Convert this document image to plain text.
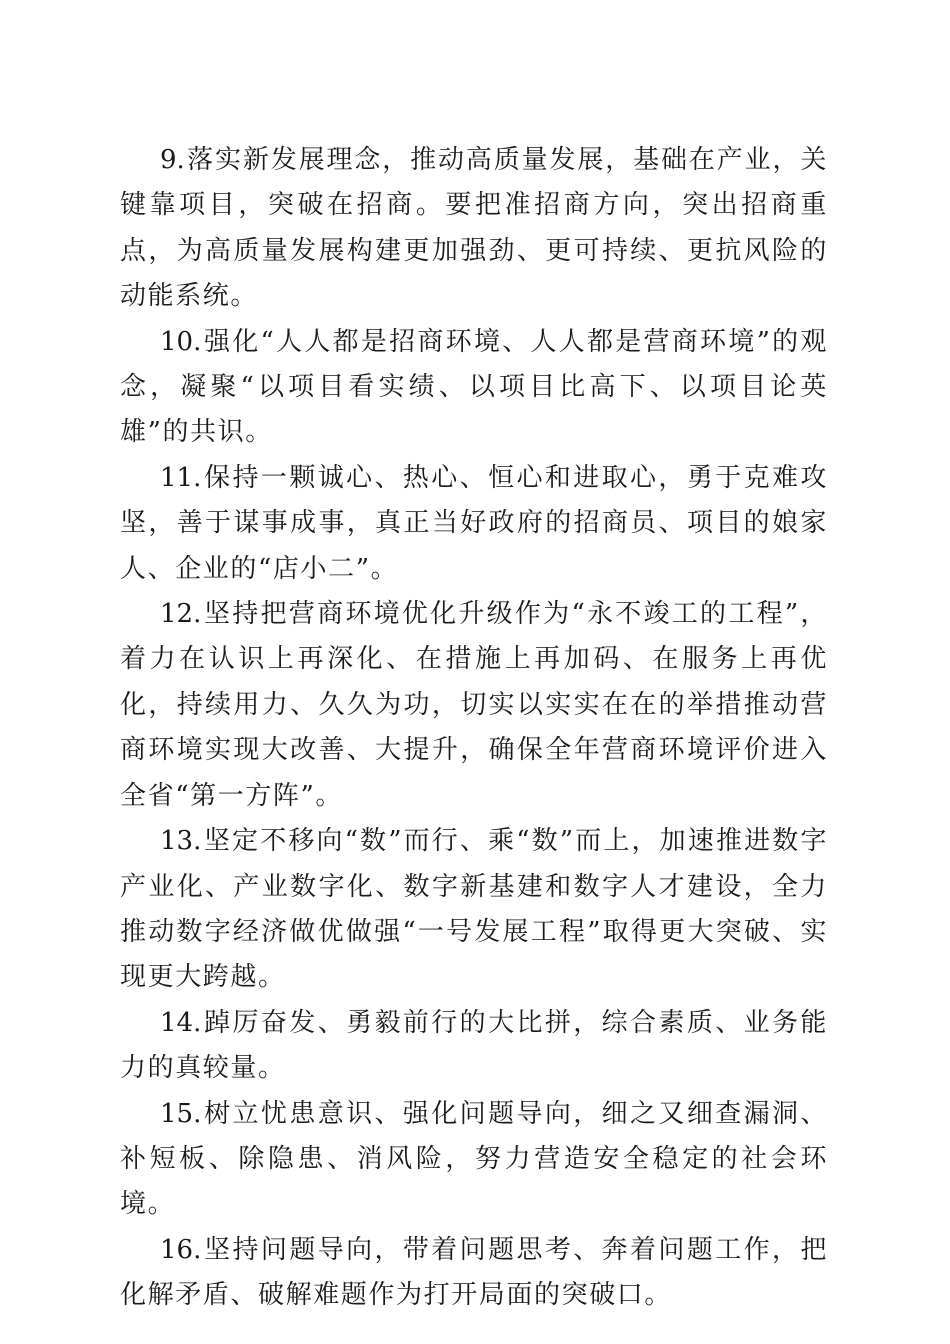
9.落实新发展理念，推动高质量发展，基础在产业，关键靠项目，突破在招商。要把准招商方向，突出招商重点，为高质量发展构建更加强劲、更可持续、更抗风险的动能系统。

10.强化“人人都是招商环境、人人都是营商环境”的观念，凝聚“以项目看实绩、以项目比高下、以项目论英雄”的共识。

11.保持一颗诚心、热心、恒心和进取心，勇于克难攻坚，善于谋事成事，真正当好政府的招商员、项目的娘家人、企业的“店小二”。

12.坚持把营商环境优化升级作为“永不竣工的工程”，着力在认识上再深化、在措施上再加码、在服务上再优化，持续用力、久久为功，切实以实实在在的举措推动营商环境实现大改善、大提升，确保全年营商环境评价进入全省“第一方阵”。

13.坚定不移向“数”而行、乘“数”而上，加速推进数字产业化、产业数字化、数字新基建和数字人才建设，全力推动数字经济做优做强“一号发展工程”取得更大突破、实现更大跨越。

14.踔厉奋发、勇毅前行的大比拼，综合素质、业务能力的真较量。

15.树立忧患意识、强化问题导向，细之又细查漏洞、补短板、除隐患、消风险，努力营造安全稳定的社会环境。

16.坚持问题导向，带着问题思考、奔着问题工作，把化解矛盾、破解难题作为打开局面的突破口。
